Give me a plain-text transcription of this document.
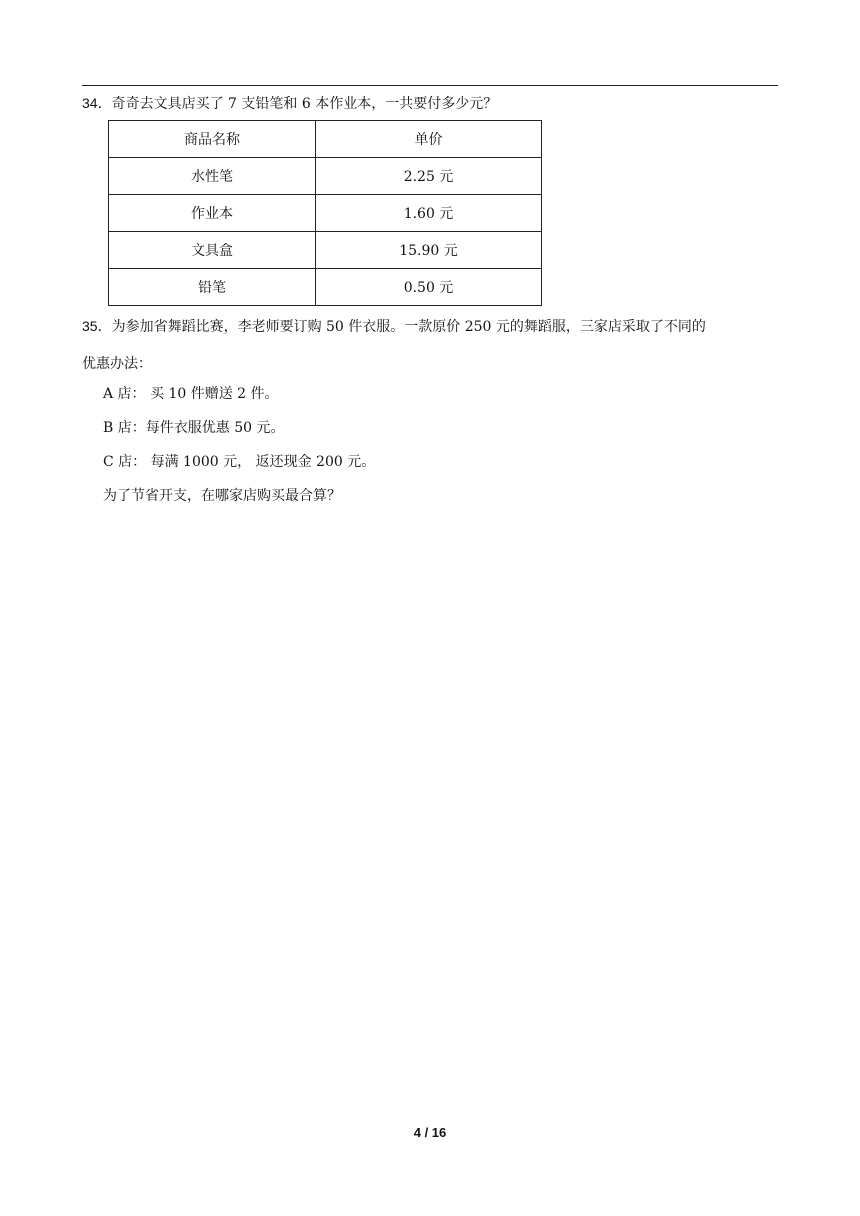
34．奇奇去文具店买了 7 支铅笔和 6 本作业本，一共要付多少元？
商品名称	单价
水性笔	2.25 元
作业本	1.60 元
文具盒	15.90 元
铅笔	0.50 元
35．为参加省舞蹈比赛，李老师要订购 50 件衣服。一款原价 250 元的舞蹈服，三家店采取了不同的
优惠办法：
A 店： 买 10 件赠送 2 件。
B 店：每件衣服优惠 50 元。
C 店： 每满 1000 元， 返还现金 200 元。
为了节省开支，在哪家店购买最合算？
4 / 16
